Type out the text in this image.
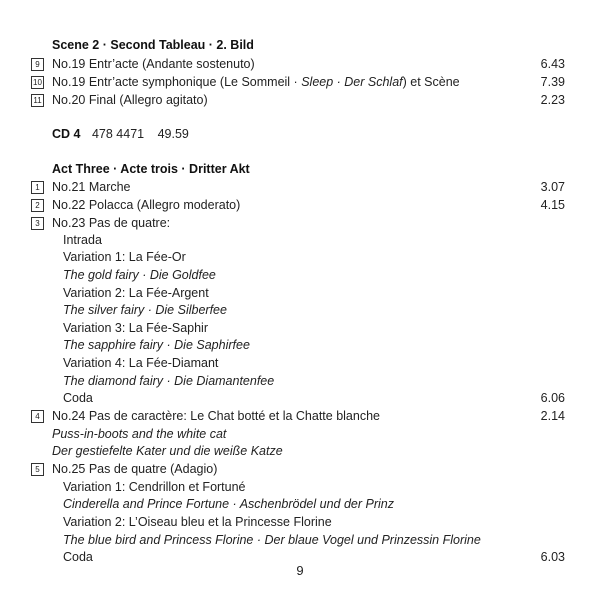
Scene 2 · Second Tableau · 2. Bild
9 No.19 Entr’acte (Andante sostenuto)	6.43
10 No.19 Entr’acte symphonique (Le Sommeil · Sleep · Der Schlaf) et Scène	7.39
11 No.20 Final (Allegro agitato)	2.23
CD 4 478 4471 49.59
Act Three · Acte trois · Dritter Akt
1 No.21 Marche	3.07
2 No.22 Polacca (Allegro moderato)	4.15
3 No.23 Pas de quatre:
Intrada
Variation 1: La Fée-Or
The gold fairy · Die Goldfee
Variation 2: La Fée-Argent
The silver fairy · Die Silberfee
Variation 3: La Fée-Saphir
The sapphire fairy · Die Saphirfee
Variation 4: La Fée-Diamant
The diamond fairy · Die Diamantenfee
Coda	6.06
4 No.24 Pas de caractère: Le Chat botté et la Chatte blanche	2.14
Puss-in-boots and the white cat
Der gestiefelte Kater und die weiße Katze
5 No.25 Pas de quatre (Adagio)
Variation 1: Cendrillon et Fortuné
Cinderella and Prince Fortune · Aschenbrödel und der Prinz
Variation 2: L’Oiseau bleu et la Princesse Florine
The blue bird and Princess Florine · Der blaue Vogel und Prinzessin Florine
Coda	6.03
9
